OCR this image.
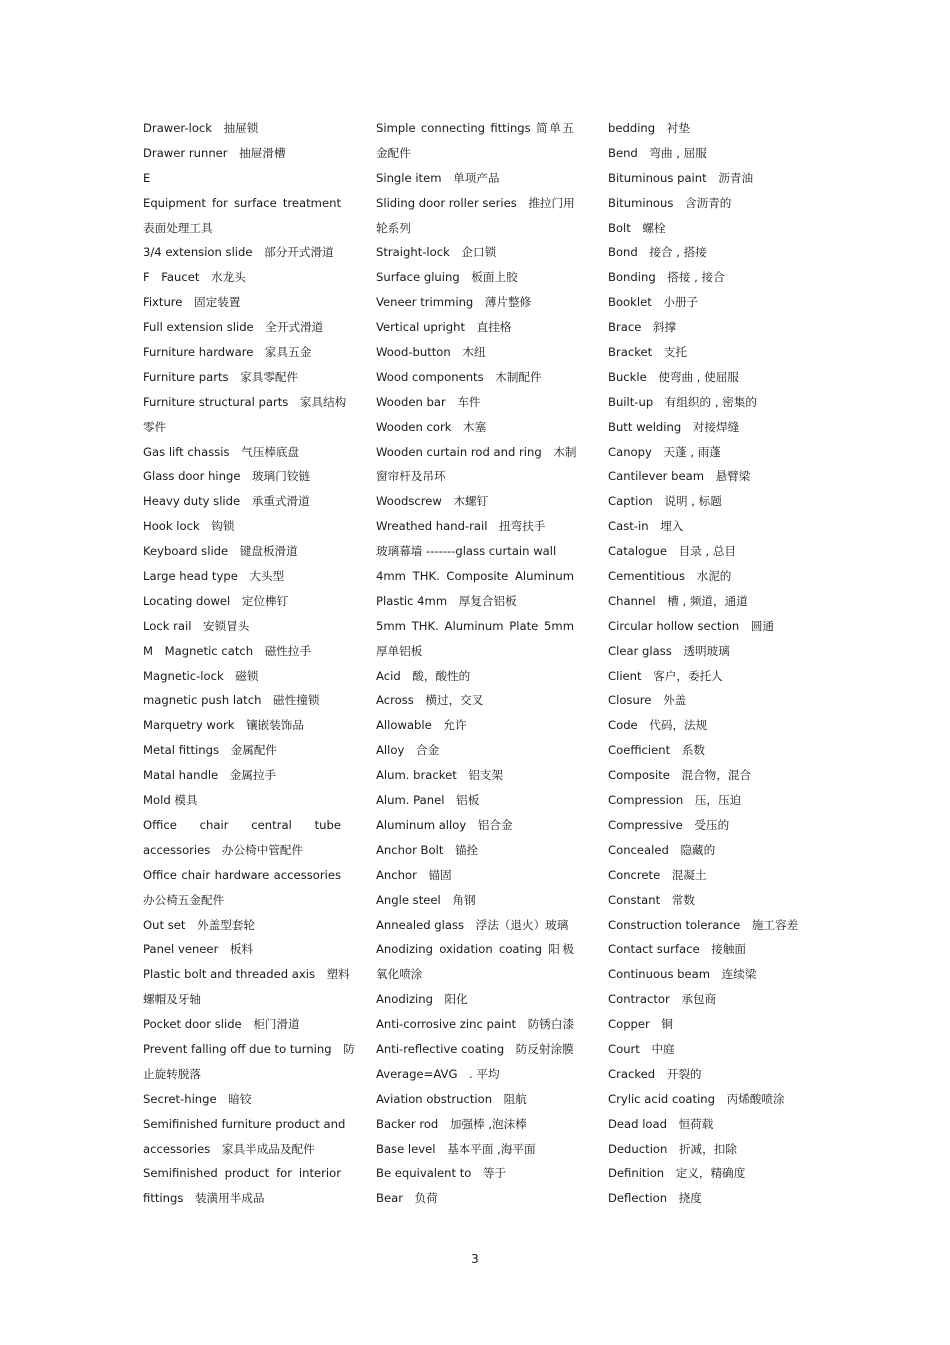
Drawer-lock　抽屉锁
Drawer runner　抽屉滑槽
E
Equipment for surface treatment
表面处理工具
3/4 extension slide　部分开式滑道
F　Faucet　水龙头
Fixture　固定装置
Full extension slide　全开式滑道
Furniture hardware　家具五金
Furniture parts　家具零配件
Furniture structural parts　家具结构
零件
Gas lift chassis　气压棒底盘
Glass door hinge　玻璃门铰链
Heavy duty slide　承重式滑道
Hook lock　钩锁
Keyboard slide　键盘板滑道
Large head type　大头型
Locating dowel　定位榫钉
Lock rail　安锁冒头
M　Magnetic catch　磁性拉手
Magnetic-lock　磁锁
magnetic push latch　磁性撞锁
Marquetry work　镶嵌装饰品
Metal fittings　金属配件
Matal handle　金属拉手
Mold 模具
Office chair central tube
accessories　办公椅中管配件
Office chair hardware accessories
办公椅五金配件
Out set　外盖型套轮
Panel veneer　板料
Plastic bolt and threaded axis　塑料
螺帽及牙轴
Pocket door slide　柜门滑道
Prevent falling off due to turning　防
止旋转脱落
Secret-hinge　暗铰
Semifinished furniture product and
accessories　家具半成品及配件
Semifinished product for interior
fittings　装潢用半成品
Simple connecting fittings 简单五
金配件
Single item　单项产品
Sliding door roller series　推拉门用
轮系列
Straight-lock　企口锁
Surface gluing　板面上胶
Veneer trimming　薄片整修
Vertical upright　直挂格
Wood-button　木纽
Wood components　木制配件
Wooden bar　车件
Wooden cork　木塞
Wooden curtain rod and ring　木制
窗帘杆及吊环
Woodscrew　木螺钉
Wreathed hand-rail　扭弯扶手
玻璃幕墙 -------glass curtain wall
4mm THK. Composite Aluminum
Plastic 4mm　厚复合铝板
5mm THK. Aluminum Plate 5mm
厚单铝板
Acid　酸，酸性的
Across　横过，交叉
Allowable　允许
Alloy　合金
Alum. bracket　铝支架
Alum. Panel　铝板
Aluminum alloy　铝合金
Anchor Bolt　锚拴
Anchor　锚固
Angle steel　角钢
Annealed glass　浮法（退火）玻璃
Anodizing oxidation coating 阳极
氧化喷涂
Anodizing　阳化
Anti-corrosive zinc paint　防锈白漆
Anti-reflective coating　防反射涂膜
Average=AVG　. 平均
Aviation obstruction　阻航
Backer rod　加强棒 ,泡沫棒
Base level　基本平面 ,海平面
Be equivalent to　等于
Bear　负荷
bedding　衬垫
Bend　弯曲 , 屈服
Bituminous paint　沥青油
Bituminous　含沥青的
Bolt　螺栓
Bond　接合 , 搭接
Bonding　搭接 , 接合
Booklet　小册子
Brace　斜撑
Bracket　支托
Buckle　使弯曲 , 使屈服
Built-up　有组织的 , 密集的
Butt welding　对接焊缝
Canopy　天蓬 , 雨蓬
Cantilever beam　悬臂梁
Caption　说明 , 标题
Cast-in　埋入
Catalogue　目录 , 总目
Cementitious　水泥的
Channel　槽 , 频道，通道
Circular hollow section　圆通
Clear glass　透明玻璃
Client　客户，委托人
Closure　外盖
Code　代码，法规
Coefficient　系数
Composite　混合物，混合
Compression　压，压迫
Compressive　受压的
Concealed　隐藏的
Concrete　混凝土
Constant　常数
Construction tolerance　施工容差
Contact surface　接触面
Continuous beam　连续梁
Contractor　承包商
Copper　铜
Court　中庭
Cracked　开裂的
Crylic acid coating　丙烯酸喷涂
Dead load　恒荷载
Deduction　折减，扣除
Definition　定义，精确度
Deflection　挠度
3
